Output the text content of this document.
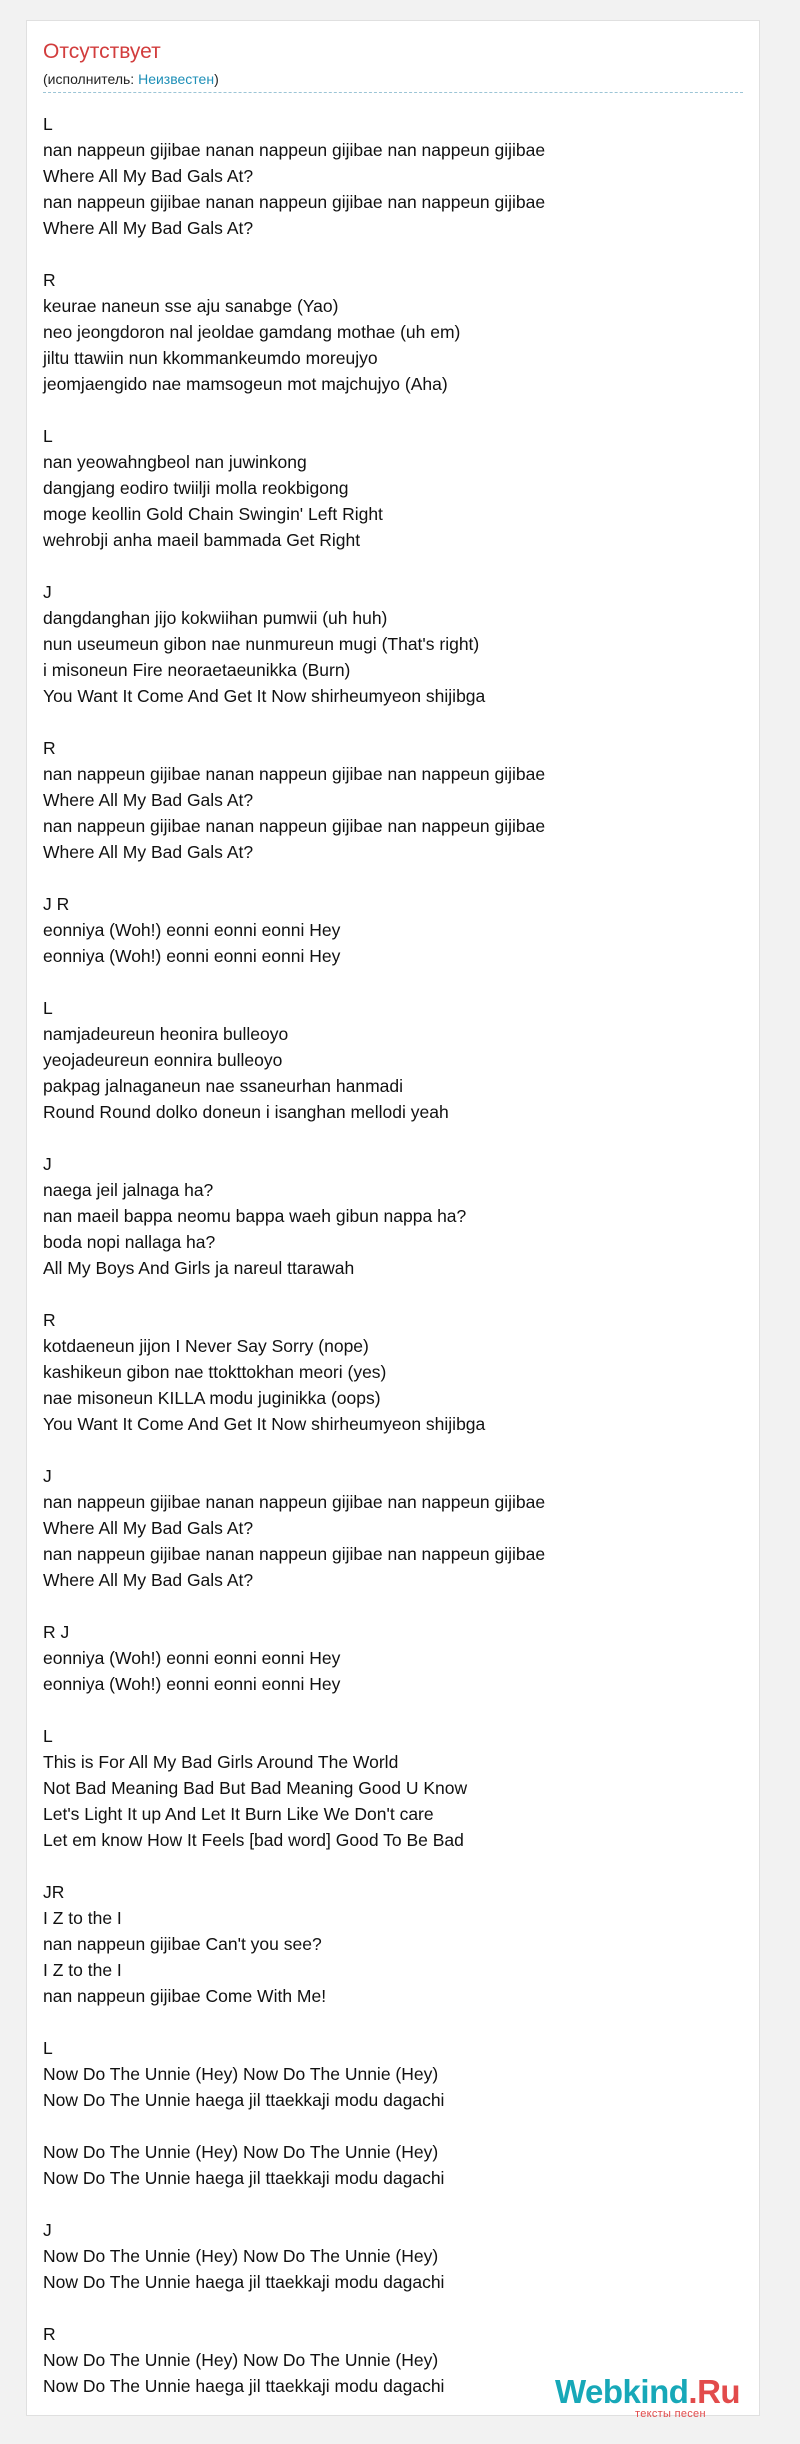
Отсутствует
(исполнитель: Неизвестен)
L
nan nappeun gijibae nanan nappeun gijibae nan nappeun gijibae
Where All My Bad Gals At?
nan nappeun gijibae nanan nappeun gijibae nan nappeun gijibae
Where All My Bad Gals At?
R
keurae naneun sse aju sanabge (Yao)
neo jeongdoron nal jeoldae gamdang mothae (uh em)
jiltu ttawiin nun kkommankeumdo moreujyo
jeomjaengido nae mamsogeun mot majchujyo (Aha)
L
nan yeowahngbeol nan juwinkong
dangjang eodiro twiilji molla reokbigong
moge keollin Gold Chain Swingin' Left Right
wehrobji anha maeil bammada Get Right
J
dangdanghan jijo kokwiihan pumwii (uh huh)
nun useumeun gibon nae nunmureun mugi (That's right)
i misoneun Fire neoraetaeunikka (Burn)
You Want It Come And Get It Now shirheumyeon shijibga
R
nan nappeun gijibae nanan nappeun gijibae nan nappeun gijibae
Where All My Bad Gals At?
nan nappeun gijibae nanan nappeun gijibae nan nappeun gijibae
Where All My Bad Gals At?
J R
eonniya (Woh!) eonni eonni eonni Hey
eonniya (Woh!) eonni eonni eonni Hey
L
namjadeureun heonira bulleoyo
yeojadeureun eonnira bulleoyo
pakpag jalnaganeun nae ssaneurhan hanmadi
Round Round dolko doneun i isanghan mellodi yeah
J
naega jeil jalnaga ha?
nan maeil bappa neomu bappa waeh gibun nappa ha?
boda nopi nallaga ha?
All My Boys And Girls ja nareul ttarawah
R
kotdaeneun jijon I Never Say Sorry (nope)
kashikeun gibon nae ttokttokhan meori (yes)
nae misoneun KILLA modu juginikka (oops)
You Want It Come And Get It Now shirheumyeon shijibga
J
nan nappeun gijibae nanan nappeun gijibae nan nappeun gijibae
Where All My Bad Gals At?
nan nappeun gijibae nanan nappeun gijibae nan nappeun gijibae
Where All My Bad Gals At?
R J
eonniya (Woh!) eonni eonni eonni Hey
eonniya (Woh!) eonni eonni eonni Hey
L
This is For All My Bad Girls Around The World
Not Bad Meaning Bad But Bad Meaning Good U Know
Let's Light It up And Let It Burn Like We Don't care
Let em know How It Feels [bad word] Good To Be Bad
JR
I Z to the I
nan nappeun gijibae Can't you see?
I Z to the I
nan nappeun gijibae Come With Me!
L
Now Do The Unnie (Hey) Now Do The Unnie (Hey)
Now Do The Unnie haega jil ttaekkaji modu dagachi
Now Do The Unnie (Hey) Now Do The Unnie (Hey)
Now Do The Unnie haega jil ttaekkaji modu dagachi
J
Now Do The Unnie (Hey) Now Do The Unnie (Hey)
Now Do The Unnie haega jil ttaekkaji modu dagachi
R
Now Do The Unnie (Hey) Now Do The Unnie (Hey)
Now Do The Unnie haega jil ttaekkaji modu dagachi	Webkind.Ru
тексты песен
